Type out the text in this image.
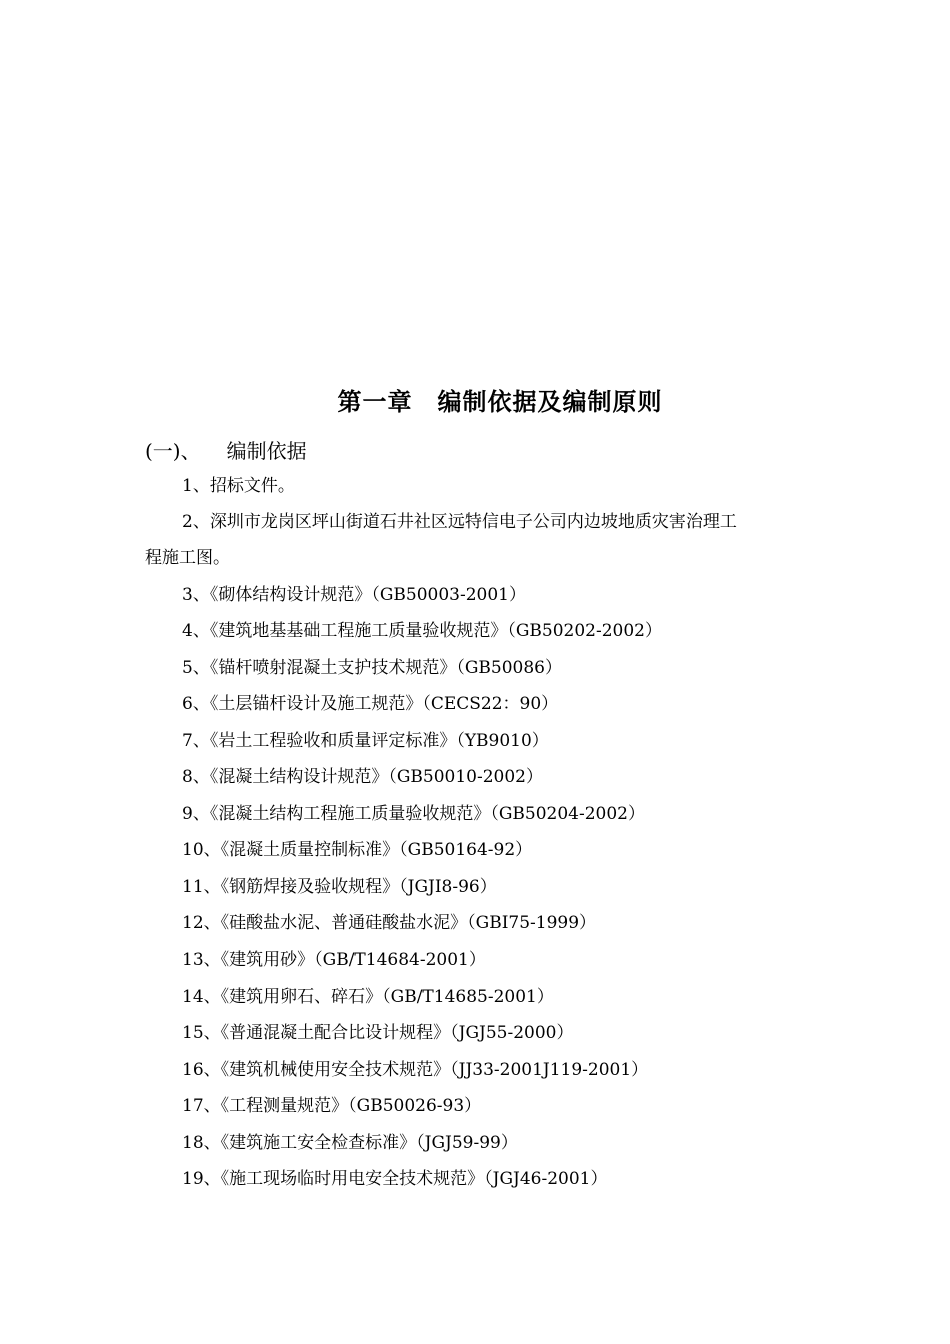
第一章　编制依据及编制原则
(一)、 编制依据
1、招标文件。
2、深圳市龙岗区坪山街道石井社区远特信电子公司内边坡地质灾害治理工
程施工图。
3、《砌体结构设计规范》（GB50003-2001）
4、《建筑地基基础工程施工质量验收规范》（GB50202-2002）
5、《锚杆喷射混凝土支护技术规范》（GB50086）
6、《土层锚杆设计及施工规范》（CECS22：90）
7、《岩土工程验收和质量评定标准》（YB9010）
8、《混凝土结构设计规范》（GB50010-2002）
9、《混凝土结构工程施工质量验收规范》（GB50204-2002）
10、《混凝土质量控制标准》（GB50164-92）
11、《钢筋焊接及验收规程》（JGJI8-96）
12、《硅酸盐水泥、普通硅酸盐水泥》（GBI75-1999）
13、《建筑用砂》（GB/T14684-2001）
14、《建筑用卵石、碎石》（GB/T14685-2001）
15、《普通混凝土配合比设计规程》（JGJ55-2000）
16、《建筑机械使用安全技术规范》（JJ33-2001J119-2001）
17、《工程测量规范》（GB50026-93）
18、《建筑施工安全检查标准》（JGJ59-99）
19、《施工现场临时用电安全技术规范》（JGJ46-2001）
